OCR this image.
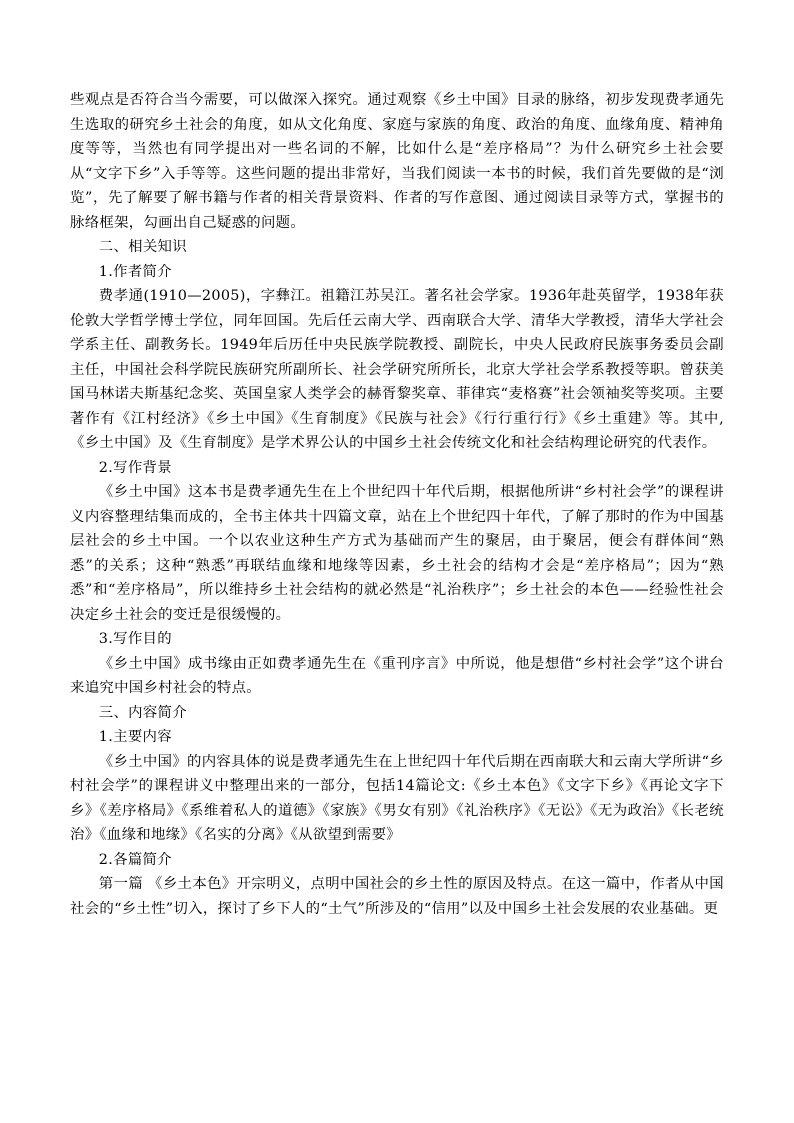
些观点是否符合当今需要，可以做深入探究。通过观察《乡土中国》目录的脉络，初步发现费孝通先生选取的研究乡土社会的角度，如从文化角度、家庭与家族的角度、政治的角度、血缘角度、精神角度等等，当然也有同学提出对一些名词的不解，比如什么是“差序格局”？为什么研究乡土社会要从“文字下乡”入手等等。这些问题的提出非常好，当我们阅读一本书的时候，我们首先要做的是“浏览”，先了解要了解书籍与作者的相关背景资料、作者的写作意图、通过阅读目录等方式，掌握书的脉络框架，勾画出自己疑惑的问题。

二、相关知识

1.作者简介

费孝通(1910—2005)，字彝江。祖籍江苏吴江。著名社会学家。1936年赴英留学，1938年获伦敦大学哲学博士学位，同年回国。先后任云南大学、西南联合大学、清华大学教授，清华大学社会学系主任、副教务长。1949年后历任中央民族学院教授、副院长，中央人民政府民族事务委员会副主任，中国社会科学院民族研究所副所长、社会学研究所所长，北京大学社会学系教授等职。曾获美国马林诺夫斯基纪念奖、英国皇家人类学会的赫胥黎奖章、菲律宾“麦格赛”社会领袖奖等奖项。主要著作有《江村经济》《乡土中国》《生育制度》《民族与社会》《行行重行行》《乡土重建》等。其中,《乡土中国》及《生育制度》是学术界公认的中国乡土社会传统文化和社会结构理论研究的代表作。

2.写作背景

《乡土中国》这本书是费孝通先生在上个世纪四十年代后期，根据他所讲“乡村社会学”的课程讲义内容整理结集而成的，全书主体共十四篇文章，站在上个世纪四十年代，了解了那时的作为中国基层社会的乡土中国。一个以农业这种生产方式为基础而产生的聚居，由于聚居，便会有群体间“熟悉”的关系；这种“熟悉”再联结血缘和地缘等因素，乡土社会的结构才会是“差序格局”；因为“熟悉”和“差序格局”，所以维持乡土社会结构的就必然是“礼治秩序”；乡土社会的本色——经验性社会决定乡土社会的变迁是很缓慢的。

3.写作目的

《乡土中国》成书缘由正如费孝通先生在《重刊序言》中所说，他是想借“乡村社会学”这个讲台来追究中国乡村社会的特点。

三、内容简介

1.主要内容

《乡土中国》的内容具体的说是费孝通先生在上世纪四十年代后期在西南联大和云南大学所讲“乡村社会学”的课程讲义中整理出来的一部分，包括14篇论文:《乡土本色》《文字下乡》《再论文字下乡》《差序格局》《系维着私人的道德》《家族》《男女有别》《礼治秩序》《无讼》《无为政治》《长老统治》《血缘和地缘》《名实的分离》《从欲望到需要》

2.各篇简介

第一篇 《乡土本色》开宗明义，点明中国社会的乡土性的原因及特点。在这一篇中，作者从中国社会的“乡土性”切入，探讨了乡下人的“土气”所涉及的“信用”以及中国乡土社会发展的农业基础。更
